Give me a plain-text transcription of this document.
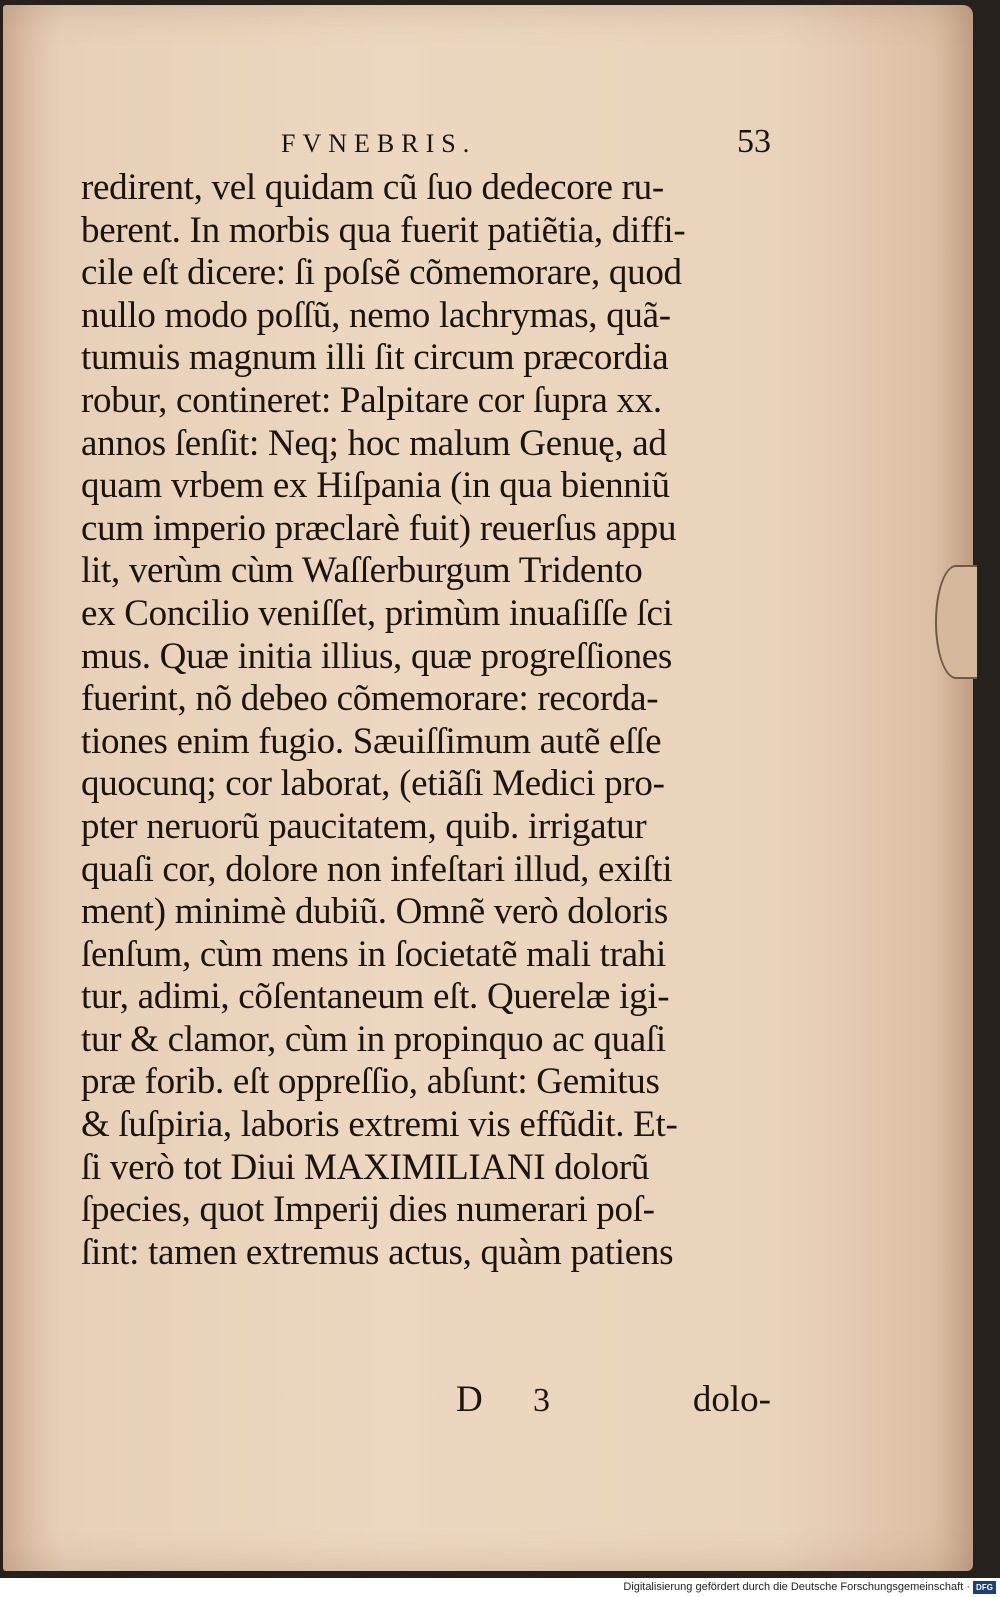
FVNEBRIS.	53
redirent, vel quidam cũ ſuo dedecore ru-
berent. In morbis qua fuerit patiẽtia, diffi-
cile eſt dicere: ſi poſsẽ cõmemorare, quod
nullo modo poſſũ, nemo lachrymas, quã-
tumuis magnum illi ſit circum præcordia
robur, contineret: Palpitare cor ſupra xx.
annos ſenſit: Neq; hoc malum Genuę, ad
quam vrbem ex Hiſpania (in qua bienniũ
cum imperio præclarè fuit) reuerſus appu
lit, verùm cùm Waſſerburgum Tridento
ex Concilio veniſſet, primùm inuaſiſſe ſci
mus. Quæ initia illius, quæ progreſſiones
fuerint, nõ debeo cõmemorare: recorda-
tiones enim fugio. Sæuiſſimum autẽ eſſe
quocunq; cor laborat, (etiãſi Medici pro-
pter neruorũ paucitatem, quib. irrigatur
quaſi cor, dolore non infeſtari illud, exiſti
ment) minimè dubiũ. Omnẽ verò doloris
ſenſum, cùm mens in ſocietatẽ mali trahi
tur, adimi, cõſentaneum eſt. Querelæ igi-
tur & clamor, cùm in propinquo ac quaſi
præ forib. eſt oppreſſio, abſunt: Gemitus
& ſuſpiria, laboris extremi vis effũdit. Et-
ſi verò tot Diui MAXIMILIANI dolorũ
ſpecies, quot Imperij dies numerari poſ-
ſint: tamen extremus actus, quàm patiens
D 3	dolo-
Digitalisierung gefördert durch die Deutsche Forschungsgemeinschaft · DFG
